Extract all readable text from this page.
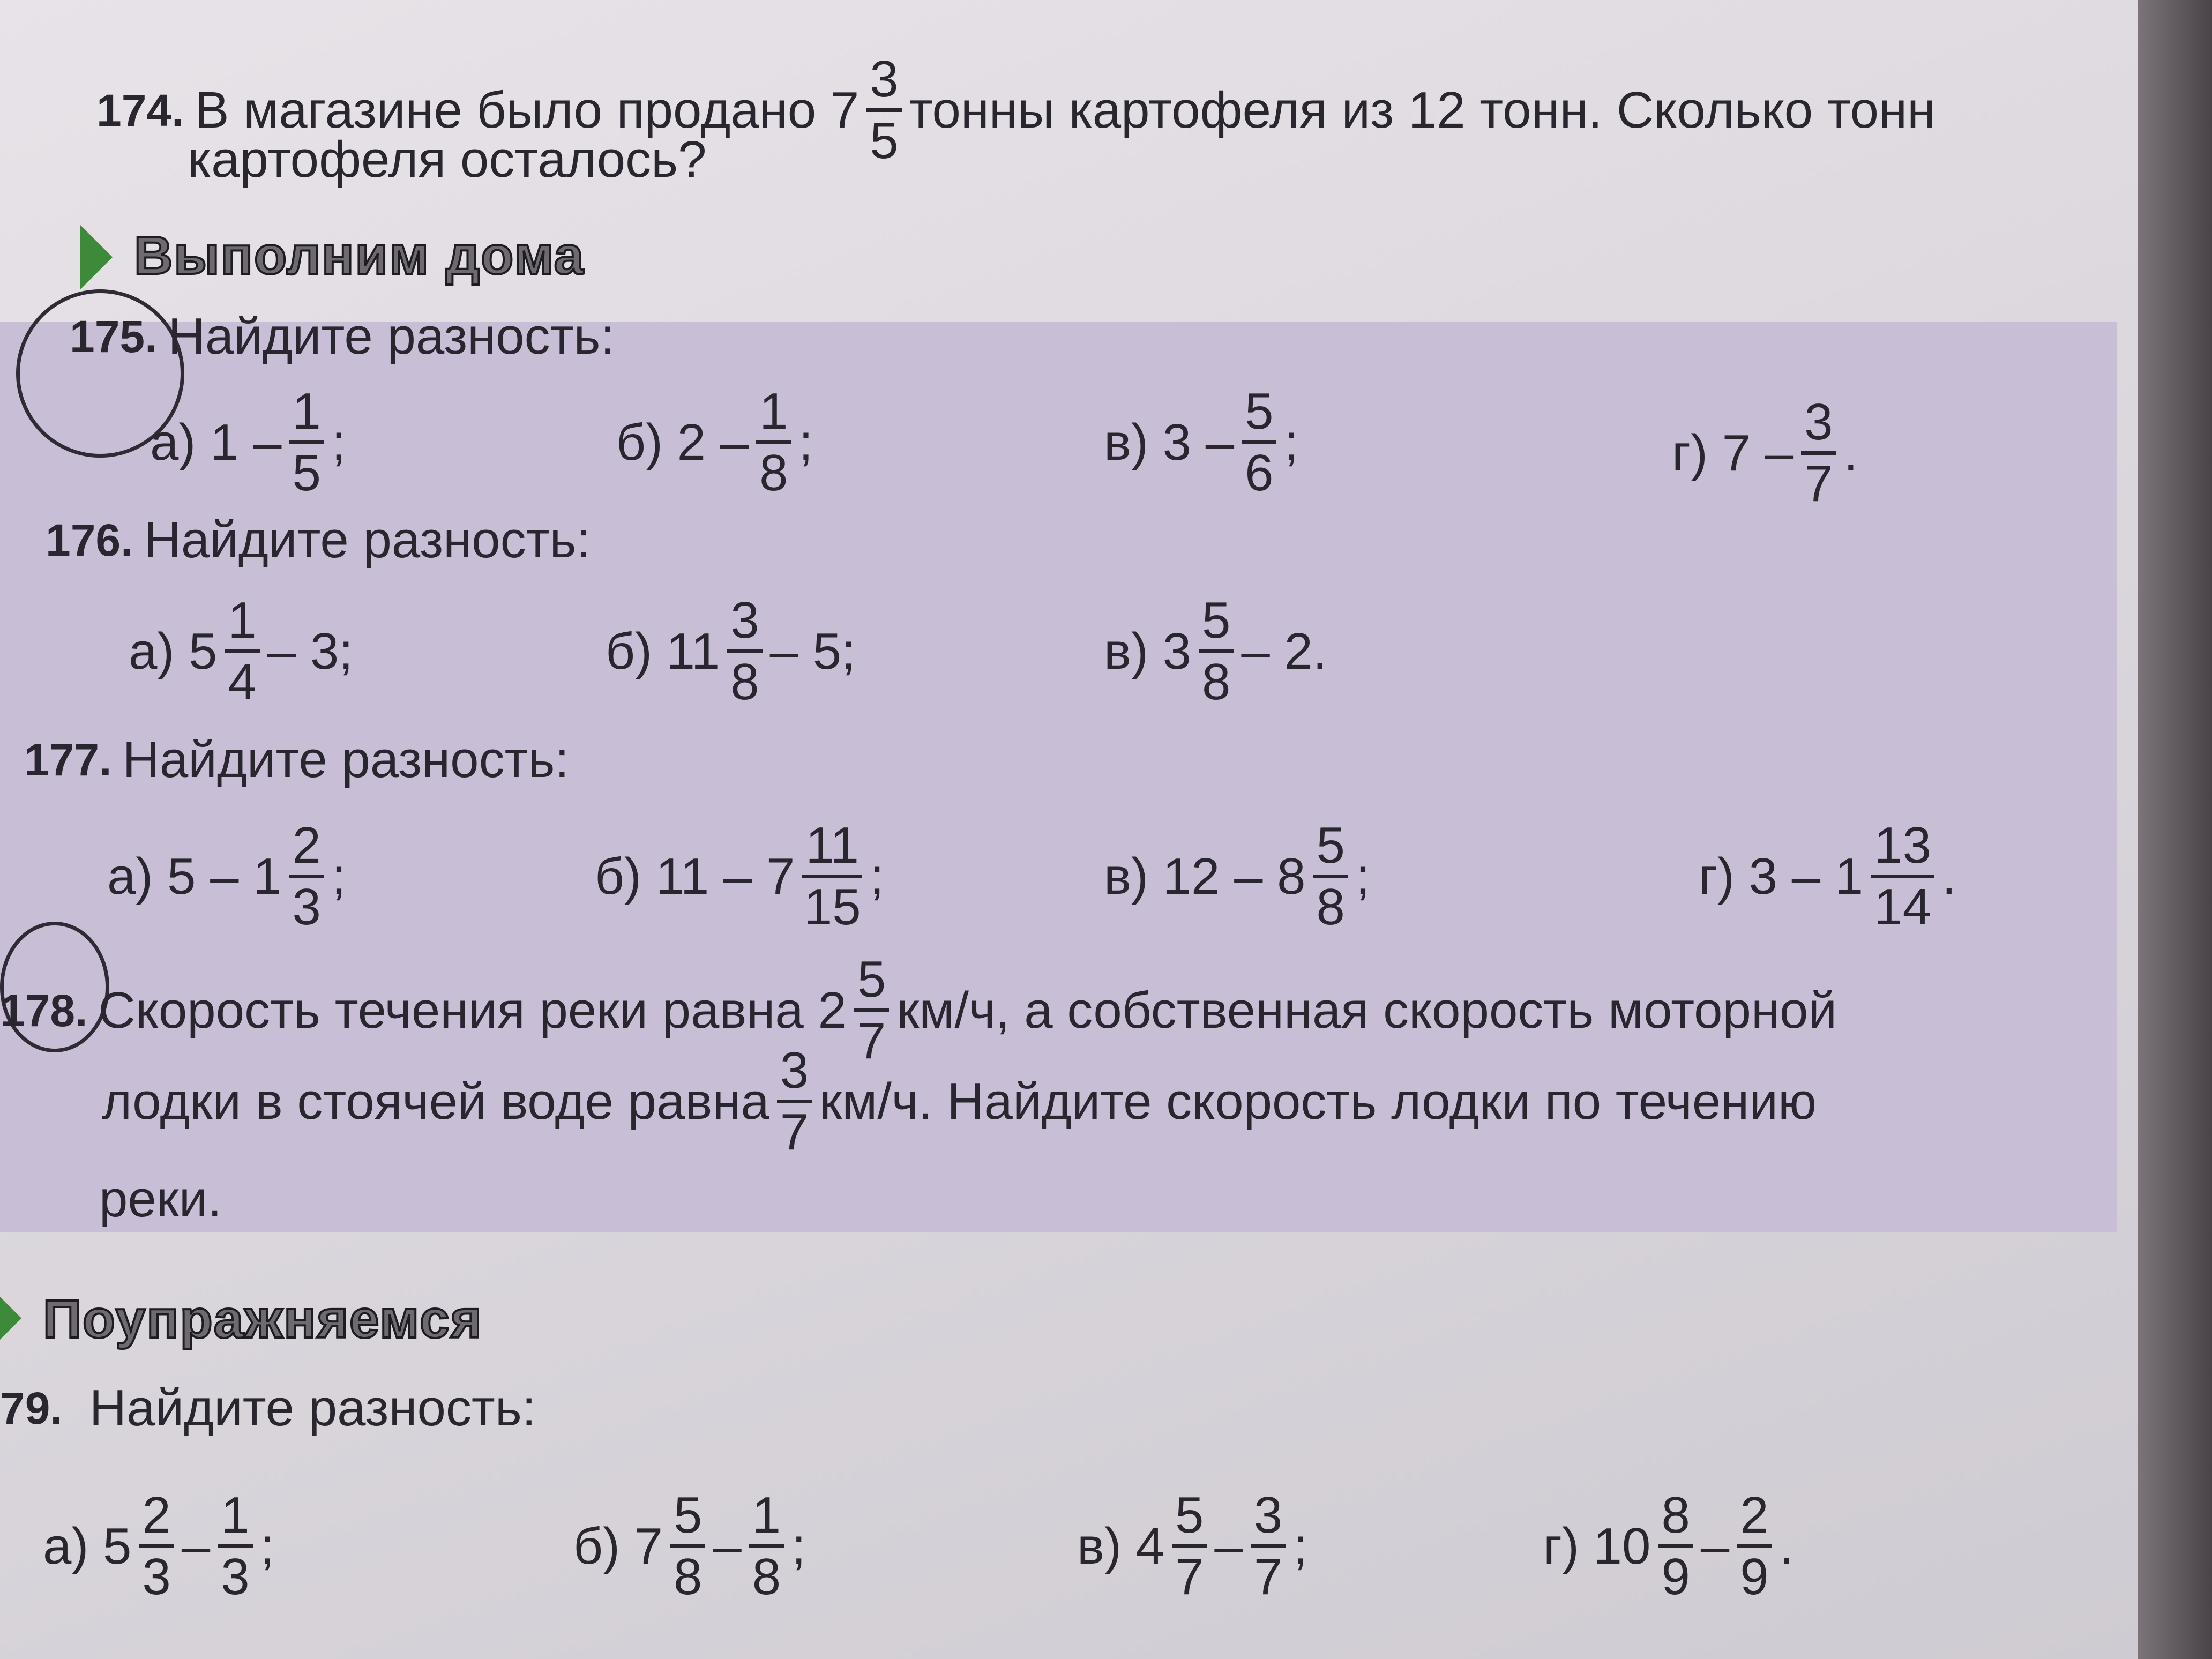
174. В магазине было продано $7 \frac{3}{5}$ тонны картофеля из 12 тонн. Сколько тонн
картофеля осталось?
Выполним дома
175. Найдите разность:
а) $1 - \frac{1}{5}$ ;	б) $2 - \frac{1}{8}$ ;	в) $3 - \frac{5}{6}$ ;	г) $7 - \frac{3}{7}$ .
176. Найдите разность:
а) $5 \frac{1}{4} - 3$;	б) $11 \frac{3}{8} - 5$;	в) $3 \frac{5}{8} - 2$.
177. Найдите разность:
а) $5 - 1 \frac{2}{3}$ ;	б) $11 - 7 \frac{11}{15}$ ;	в) $12 - 8 \frac{5}{8}$ ;	г) $3 - 1 \frac{13}{14}$ .
178. Скорость течения реки равна $2 \frac{5}{7} км/ч$, а собственная скорость моторной
лодки в стоячей воде равна $\frac{3}{7} км/ч$. Найдите скорость лодки по течению
реки.
Поупражняемся
79. Найдите разность:
а) $5 \frac{2}{3} - \frac{1}{3}$ ;	б) $7 \frac{5}{8} - \frac{1}{8}$ ;	в) $4 \frac{5}{7} - \frac{3}{7}$ ;	г) $10 \frac{8}{9} - \frac{2}{9}$ .
